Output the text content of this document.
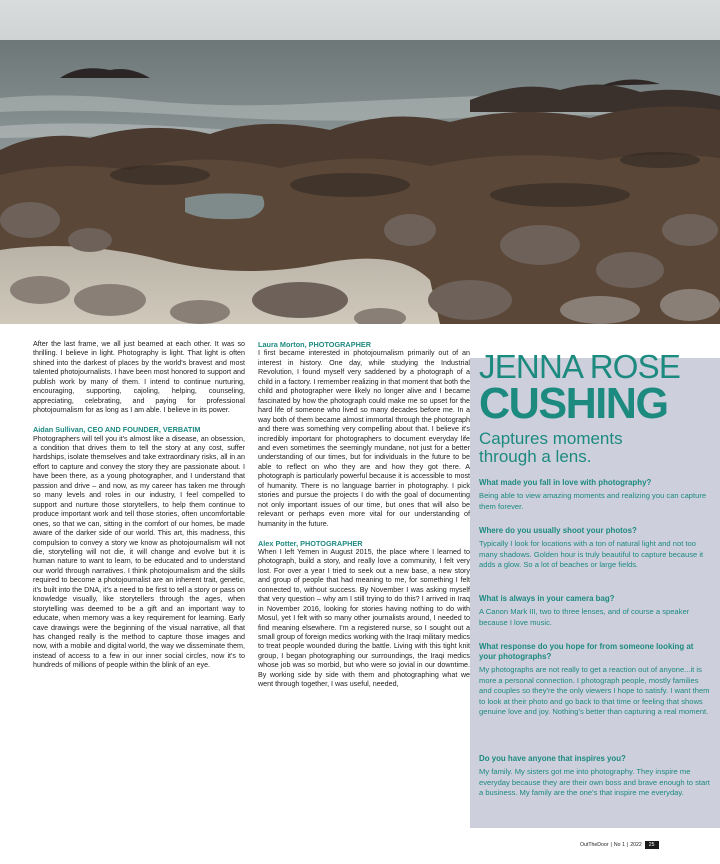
After the last frame, we all just beamed at each other. It was so thrilling. I believe in light. Photography is light. That light is often shined into the darkest of places by the world's bravest and most talented photojournalists. I have been most honored to support and publish work by many of them. I intend to continue nurturing, encouraging, supporting, cajoling, helping, counseling, appreciating, celebrating, and paying for professional photojournalism for as long as I am able. I believe in its power.

Aidan Sullivan, CEO AND FOUNDER, VERBATIM

Photographers will tell you it's almost like a disease, an obsession, a condition that drives them to tell the story at any cost, suffer hardships, isolate themselves and take extraordinary risks, all in an effort to capture and convey the story they are passionate about. I have been there, as a young photographer, and I understand that passion and drive – and now, as my career has taken me through so many levels and roles in our industry, I feel compelled to support and nurture those storytellers, to help them continue to produce important work and tell those stories, often uncomfortable ones, so that we can, sitting in the comfort of our homes, be made aware of the darker side of our world. This art, this madness, this compulsion to convey a story we know as photojournalism will not die, storytelling will not die, it will change and evolve but it is human nature to want to learn, to be educated and to understand our world through narratives. I think photojournalism and the skills required to become a photojournalist are an inherent trait, genetic, it's built into the DNA, it's a need to be first to tell a story or pass on knowledge visually, like storytellers through the ages, when storytelling was deemed to be a gift and an important way to educate, when memory was a key requirement for learning. Early cave drawings were the beginning of the visual narrative, all that has changed really is the method to capture those images and now, with a mobile and digital world, the way we disseminate them, instead of access to a few in our inner social circles, now it's to hundreds of millions of people within the blink of an eye.

Laura Morton, PHOTOGRAPHER

I first became interested in photojournalism primarily out of an interest in history. One day, while studying the Industrial Revolution, I found myself very saddened by a photograph of a child in a factory. I remember realizing in that moment that both the child and photographer were likely no longer alive and I became fascinated by how the photograph could make me so upset for the hard life of someone who lived so many decades before me. In a way both of them became almost immortal through the photograph and there was something very compelling about that. I believe it's incredibly important for photographers to document everyday life and even sometimes the seemingly mundane, not just for a better understanding of our times, but for individuals in the future to be able to reflect on who they are and how they got there. A photograph is particularly powerful because it is accessible to most of humanity. There is no language barrier in photography. I pick stories and pursue the projects I do with the goal of documenting not only important issues of our time, but ones that will also be relevant or perhaps even more vital for our understanding of humanity in the future.

Alex Potter, PHOTOGRAPHER

When I left Yemen in August 2015, the place where I learned to photograph, build a story, and really love a community, I felt very lost. For over a year I tried to seek out a new base, a new story and group of people that had meaning to me, for something I felt connected to, without success. By November I was asking myself that very question – why am I still trying to do this? I arrived in Iraq in November 2016, looking for stories having nothing to do with Mosul, yet I felt with so many other journalists around, I needed to find meaning elsewhere. I'm a registered nurse, so I sought out a small group of foreign medics working with the Iraqi military medics to treat people wounded during the battle. Living with this tight knit group, I began photographing our surroundings, the Iraqi medics whose job was so morbid, but who were so jovial in our downtime. By working side by side with them and photographing what we went through together, I was useful, needed,

JENNA ROSE
CUSHING

Captures moments
through a lens.

What made you fall in love with photography?

Being able to view amazing moments and realizing you can capture them forever.

Where do you usually shoot your photos?

Typically I look for locations with a ton of natural light and not too many shadows. Golden hour is truly beautiful to capture because it adds a glow. So a lot of beaches or large fields.

What is always in your camera bag?

A Canon Mark III, two to three lenses, and of course a speaker because I love music.

What response do you hope for from someone looking at your photographs?

My photographs are not really to get a reaction out of anyone...it is more a personal connection. I photograph people, mostly families and couples so they're the only viewers I hope to satisfy. I want them to look at their photo and go back to that time or feeling that shows genuine love and joy. Nothing's better than capturing a real moment.

Do you have anyone that inspires you?

My family. My sisters got me into photography. They inspire me everyday because they are their own boss and brave enough to start a business. My family are the one's that inspire me everyday.

OutTheDoor | No 1 | 2022 25
